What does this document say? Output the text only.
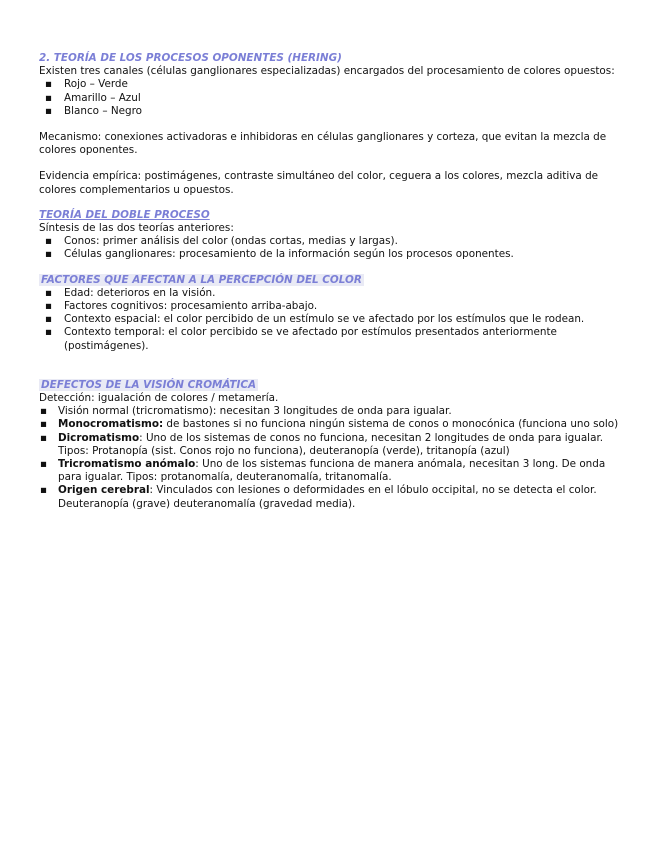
2. TEORÍA DE LOS PROCESOS OPONENTES (HERING)

Existen tres canales (células ganglionares especializadas) encargados del procesamiento de colores opuestos:

▪ Rojo – Verde
▪ Amarillo – Azul
▪ Blanco – Negro

Mecanismo: conexiones activadoras e inhibidoras en células ganglionares y corteza, que evitan la mezcla de colores oponentes.

Evidencia empírica: postimágenes, contraste simultáneo del color, ceguera a los colores, mezcla aditiva de colores complementarios u opuestos.

TEORÍA DEL DOBLE PROCESO

Síntesis de las dos teorías anteriores:

▪ Conos: primer análisis del color (ondas cortas, medias y largas).
▪ Células ganglionares: procesamiento de la información según los procesos oponentes.

FACTORES QUE AFECTAN A LA PERCEPCIÓN DEL COLOR

▪ Edad: deterioros en la visión.
▪ Factores cognitivos: procesamiento arriba-abajo.
▪ Contexto espacial: el color percibido de un estímulo se ve afectado por los estímulos que le rodean.
▪ Contexto temporal: el color percibido se ve afectado por estímulos presentados anteriormente (postimágenes).

DEFECTOS DE LA VISIÓN CROMÁTICA

Detección: igualación de colores / metamería.

▪ Visión normal (tricromatismo): necesitan 3 longitudes de onda para igualar.
▪ Monocromatismo: de bastones si no funciona ningún sistema de conos o monocónica (funciona uno solo)
▪ Dicromatismo: Uno de los sistemas de conos no funciona, necesitan 2 longitudes de onda para igualar. Tipos: Protanopía (sist. Conos rojo no funciona), deuteranopía (verde), tritanopía (azul)
▪ Tricromatismo anómalo: Uno de los sistemas funciona de manera anómala, necesitan 3 long. De onda para igualar. Tipos: protanomalía, deuteranomalía, tritanomalía.
▪ Origen cerebral: Vinculados con lesiones o deformidades en el lóbulo occipital, no se detecta el color. Deuteranopía (grave) deuteranomalía (gravedad media).
